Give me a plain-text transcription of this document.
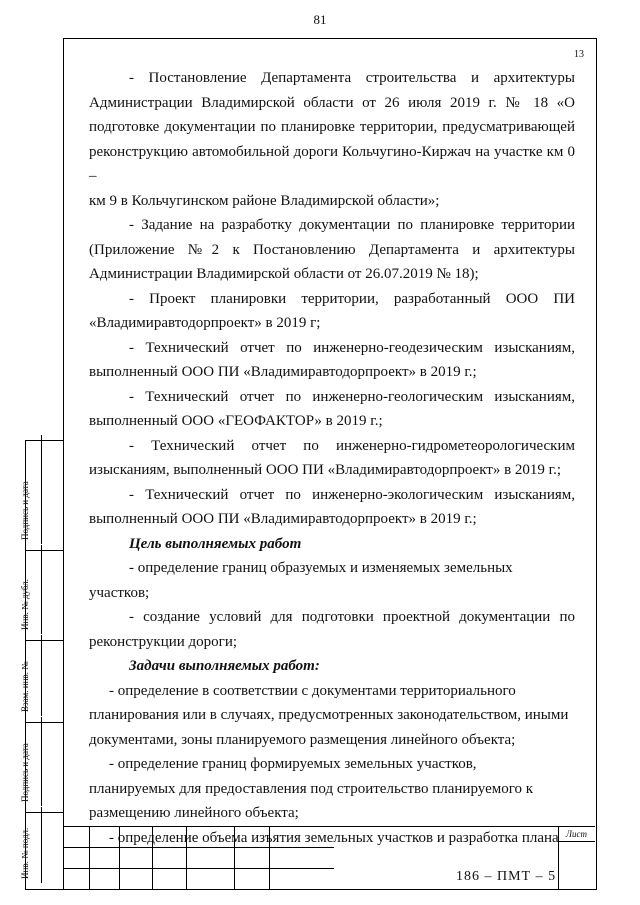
81
13

- Постановление Департамента строительства и архитектуры

Администрации Владимирской области от 26 июля 2019 г. № 18 «О

подготовке документации по планировке территории, предусматривающей

реконструкцию автомобильной дороги Кольчугино-Киржач на участке км 0 –

км 9 в Кольчугинском районе Владимирской области»;

- Задание на разработку документации по планировке территории

(Приложение №2 к Постановлению Департамента и архитектуры

Администрации Владимирской области от 26.07.2019 № 18);

- Проект планировки территории, разработанный ООО ПИ

«Владимиравтодорпроект» в 2019 г;

- Технический отчет по инженерно-геодезическим изысканиям,

выполненный ООО ПИ «Владимиравтодорпроект» в 2019 г.;

- Технический отчет по инженерно-геологическим изысканиям,

выполненный ООО «ГЕОФАКТОР» в 2019 г.;

- Технический отчет по инженерно-гидрометеорологическим

изысканиям, выполненный ООО ПИ «Владимиравтодорпроект» в 2019 г.;

- Технический отчет по инженерно-экологическим изысканиям,

выполненный ООО ПИ «Владимиравтодорпроект» в 2019 г.;

Цель выполняемых работ

- определение границ образуемых и изменяемых земельных участков;

- создание условий для подготовки проектной документации по

реконструкции дороги;

Задачи выполняемых работ:

- определение в соответствии с документами территориального

планирования или в случаях, предусмотренных законодательством, иными

документами, зоны планируемого размещения линейного объекта;

- определение границ формируемых земельных участков,

планируемых для предоставления под строительство планируемого к

размещению линейного объекта;

- определение объема изъятия земельных участков и разработка плана Лист
186 – ПМТ – 5
Подпись и дата
Инв. № дубл.
Взам. инв. №
Подпись и дата
Инв. № подл.
